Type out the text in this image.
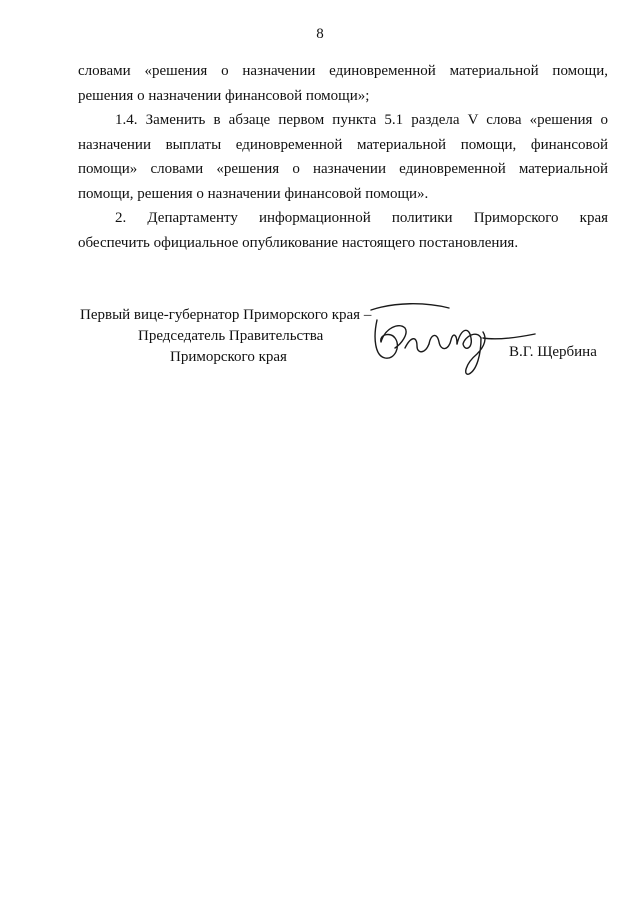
8
словами «решения о назначении единовременной материальной помощи,
решения о назначении финансовой помощи»;
1.4. Заменить в абзаце первом пункта 5.1 раздела V слова «решения о
назначении выплаты единовременной материальной помощи, финансовой
помощи» словами «решения о назначении единовременной материальной
помощи, решения о назначении финансовой помощи».
2. Департаменту информационной политики Приморского края
обеспечить официальное опубликование настоящего постановления.
Первый вице-губернатор Приморского края –
Председатель Правительства
Приморского края	В.Г. Щербина
